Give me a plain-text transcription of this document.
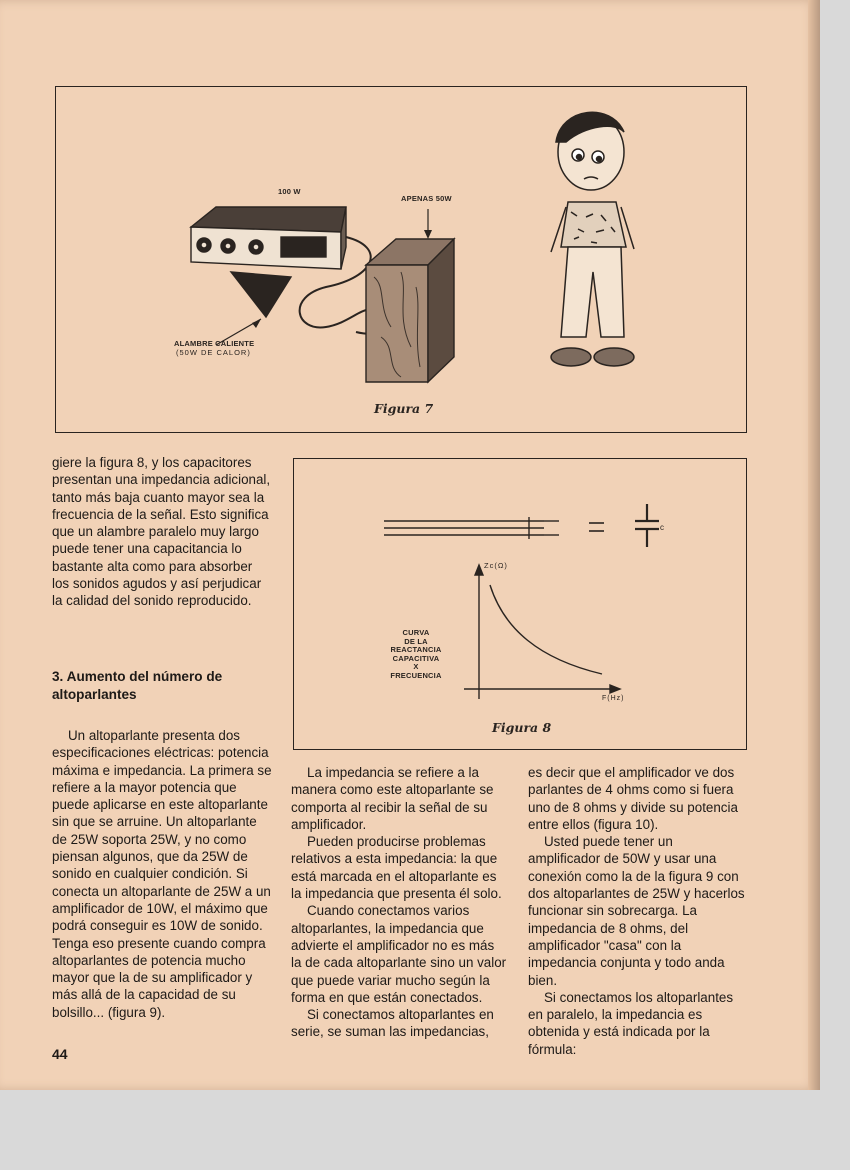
100 W
APENAS 50W
ALAMBRE CALIENTE
(50W DE CALOR)
Figura 7
c
Zc(Ω)
F(Hz)
CURVA
DE LA
REACTANCIA
CAPACITIVA
X
FRECUENCIA
Figura 8

giere la figura 8, y los capacitores presentan una impedancia adicional, tanto más baja cuanto mayor sea la frecuencia de la señal. Esto significa que un alambre paralelo muy largo puede tener una capacitancia lo bastante alta como para absorber los sonidos agudos y así perjudicar la calidad del sonido reproducido.

3. Aumento del número de altoparlantes

Un altoparlante presenta dos especificaciones eléctricas: potencia máxima e impedancia. La primera se refiere a la mayor potencia que puede aplicarse en este altoparlante sin que se arruine. Un altoparlante de 25W soporta 25W, y no como piensan algunos, que da 25W de sonido en cualquier condición. Si conecta un altoparlante de 25W a un amplificador de 10W, el máximo que podrá conseguir es 10W de sonido. Tenga eso presente cuando compra altoparlantes de potencia mucho mayor que la de su amplificador y más allá de la capacidad de su bolsillo... (figura 9).

La impedancia se refiere a la manera como este altoparlante se comporta al recibir la señal de su amplificador.

Pueden producirse problemas relativos a esta impedancia: la que está marcada en el altoparlante es la impedancia que presenta él solo.

Cuando conectamos varios altoparlantes, la impedancia que advierte el amplificador no es más la de cada altoparlante sino un valor que puede variar mucho según la forma en que están conectados.

Si conectamos altoparlantes en serie, se suman las impedancias,

es decir que el amplificador ve dos parlantes de 4 ohms como si fuera uno de 8 ohms y divide su potencia entre ellos (figura 10).

Usted puede tener un amplificador de 50W y usar una conexión como la de la figura 9 con dos altoparlantes de 25W y hacerlos funcionar sin sobrecarga. La impedancia de 8 ohms, del amplificador "casa" con la impedancia conjunta y todo anda bien.

Si conectamos los altoparlantes en paralelo, la impedancia es obtenida y está indicada por la fórmula:

44
